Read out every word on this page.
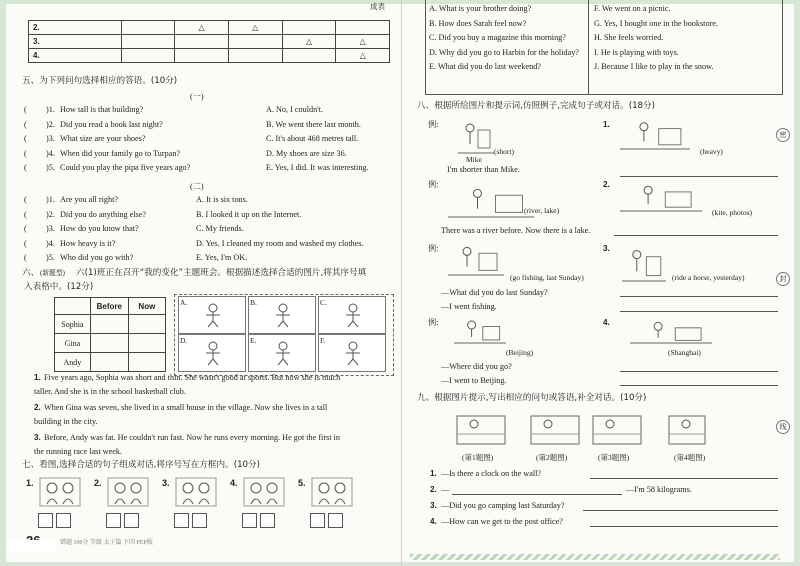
成表
2.		△	△		
3.				△	△
4.					△
五、为下列问句选择相应的答语。(10分)
(一)
( )1. How tall is that building?	A. No, I couldn't.
( )2. Did you read a book last night?	B. We went there last month.
( )3. What size are your shoes?	C. It's about 468 metres tall.
( )4. When did your family go to Turpan?	D. My shoes are size 36.
( )5. Could you play the pipa five years ago?	E. Yes, I did. It was interesting.
(二)
( )1. Are you all right?	A. It is six tons.
( )2. Did you do anything else?	B. I looked it up on the Internet.
( )3. How do you know that?	C. My friends.
( )4. How heavy is it?	D. Yes. I cleaned my room and washed my clothes.
( )5. Who did you go with?	E. Yes, I'm OK.
六、 (新题型) 六(1)班正在召开“我的变化”主题班会。根据描述选择合适的图片,将其序号填
入表格中。(12分)
	Before	Now
Sophia		
Gina		
Andy		
A.	B.	C.
D.	E.	F.
1. Five years ago, Sophia was short and thin. She wasn't good at sports. But now she is much
taller. And she is in the school basketball club.
2. When Gina was seven, she lived in a small house in the village. Now she lives in a tall
building in the city.
3. Before, Andy was fat. He couldn't run fast. Now he runs every morning. He got the first in
the running race last week.
七、看图,选择合适的句子组成对话,将序号写在方框内。(10分)
1.	2.	3.	4.	5.
错题 100分 等级 太子篇 下四 PEP版
A. What is your brother doing?
B. How does Sarah feel now?
C. Did you buy a magazine this morning?
D. Why did you go to Harbin for the holiday?
E. What did you do last weekend?
F. We went on a picnic.
G. Yes, I bought one in the bookstore.
H. She feels worried.
I. He is playing with toys.
J. Because I like to play in the snow.
八、根据所给图片和提示词,仿照例子,完成句子或对话。(18分)
例:
Mike
(short)
I'm shorter than Mike.
1.
(heavy)
例:
(river, lake)
There was a river before. Now there is a lake.
2.
(kite, photos)
例:
(go fishing, last Sunday)
—What did you do last Sunday?
—I went fishing.
3.
(ride a horse, yesterday)
例:
(Beijing)
—Where did you go?
—I went to Beijing.
4.
(Shanghai)
九、根据图片提示,写出相应的问句或答语,补全对话。(10分)
(第1题图)	(第2题图)	(第3题图)	(第4题图)
1. —Is there a clock on the wall?
2. —	—I'm 58 kilograms.
3. —Did you go camping last Saturday?
4. —How can we get to the post office?
密
封
线
